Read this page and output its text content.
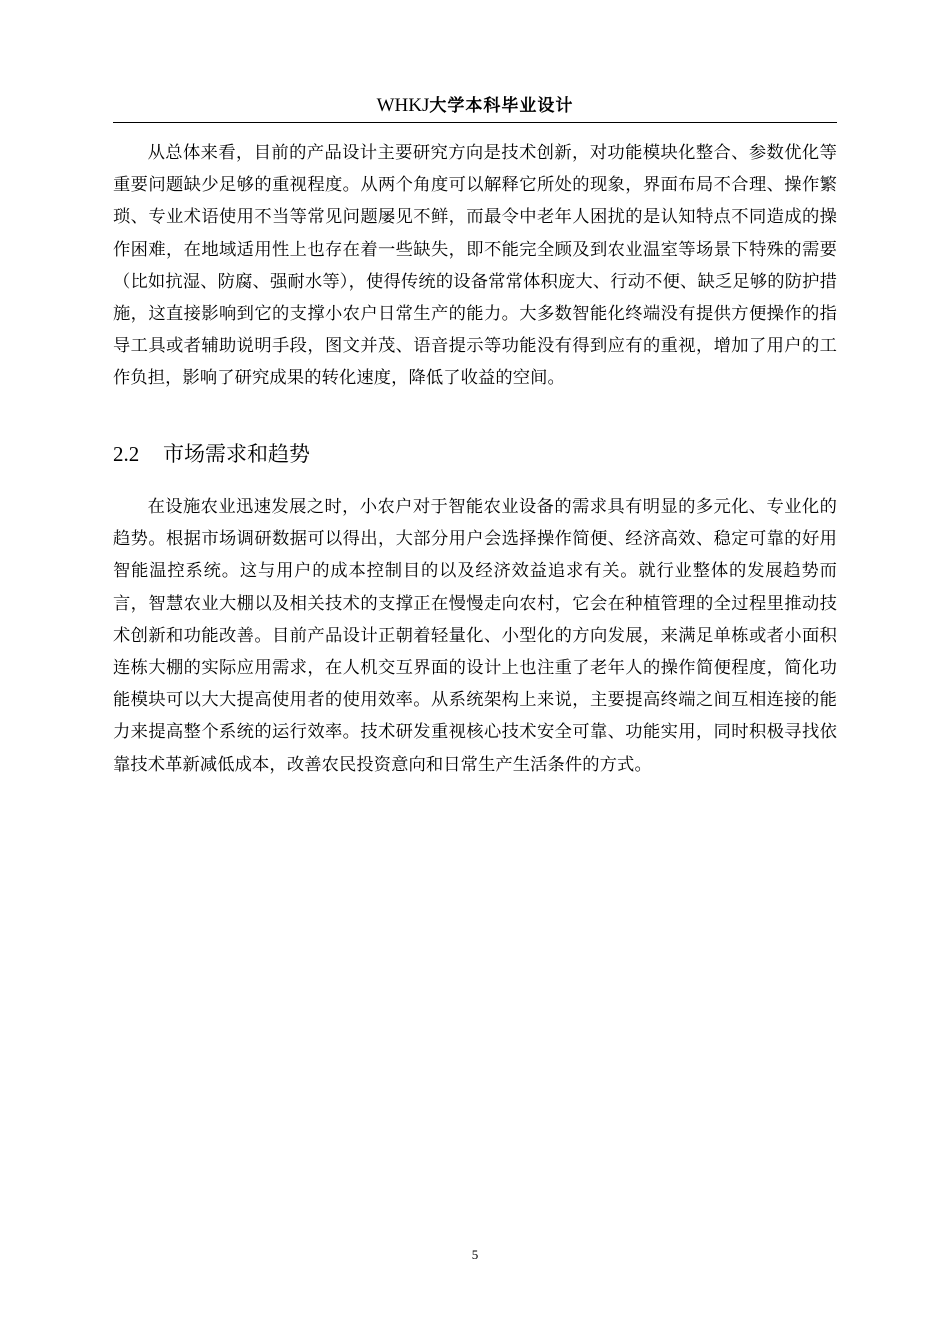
WHKJ大学本科毕业设计

从总体来看，目前的产品设计主要研究方向是技术创新，对功能模块化整合、参数优化等重要问题缺少足够的重视程度。从两个角度可以解释它所处的现象，界面布局不合理、操作繁琐、专业术语使用不当等常见问题屡见不鲜，而最令中老年人困扰的是认知特点不同造成的操作困难，在地域适用性上也存在着一些缺失，即不能完全顾及到农业温室等场景下特殊的需要（比如抗湿、防腐、强耐水等），使得传统的设备常常体积庞大、行动不便、缺乏足够的防护措施，这直接影响到它的支撑小农户日常生产的能力。大多数智能化终端没有提供方便操作的指导工具或者辅助说明手段，图文并茂、语音提示等功能没有得到应有的重视，增加了用户的工作负担，影响了研究成果的转化速度，降低了收益的空间。

2.2 市场需求和趋势

在设施农业迅速发展之时，小农户对于智能农业设备的需求具有明显的多元化、专业化的趋势。根据市场调研数据可以得出，大部分用户会选择操作简便、经济高效、稳定可靠的好用智能温控系统。这与用户的成本控制目的以及经济效益追求有关。就行业整体的发展趋势而言，智慧农业大棚以及相关技术的支撑正在慢慢走向农村，它会在种植管理的全过程里推动技术创新和功能改善。目前产品设计正朝着轻量化、小型化的方向发展，来满足单栋或者小面积连栋大棚的实际应用需求，在人机交互界面的设计上也注重了老年人的操作简便程度，简化功能模块可以大大提高使用者的使用效率。从系统架构上来说，主要提高终端之间互相连接的能力来提高整个系统的运行效率。技术研发重视核心技术安全可靠、功能实用，同时积极寻找依靠技术革新减低成本，改善农民投资意向和日常生产生活条件的方式。

5
